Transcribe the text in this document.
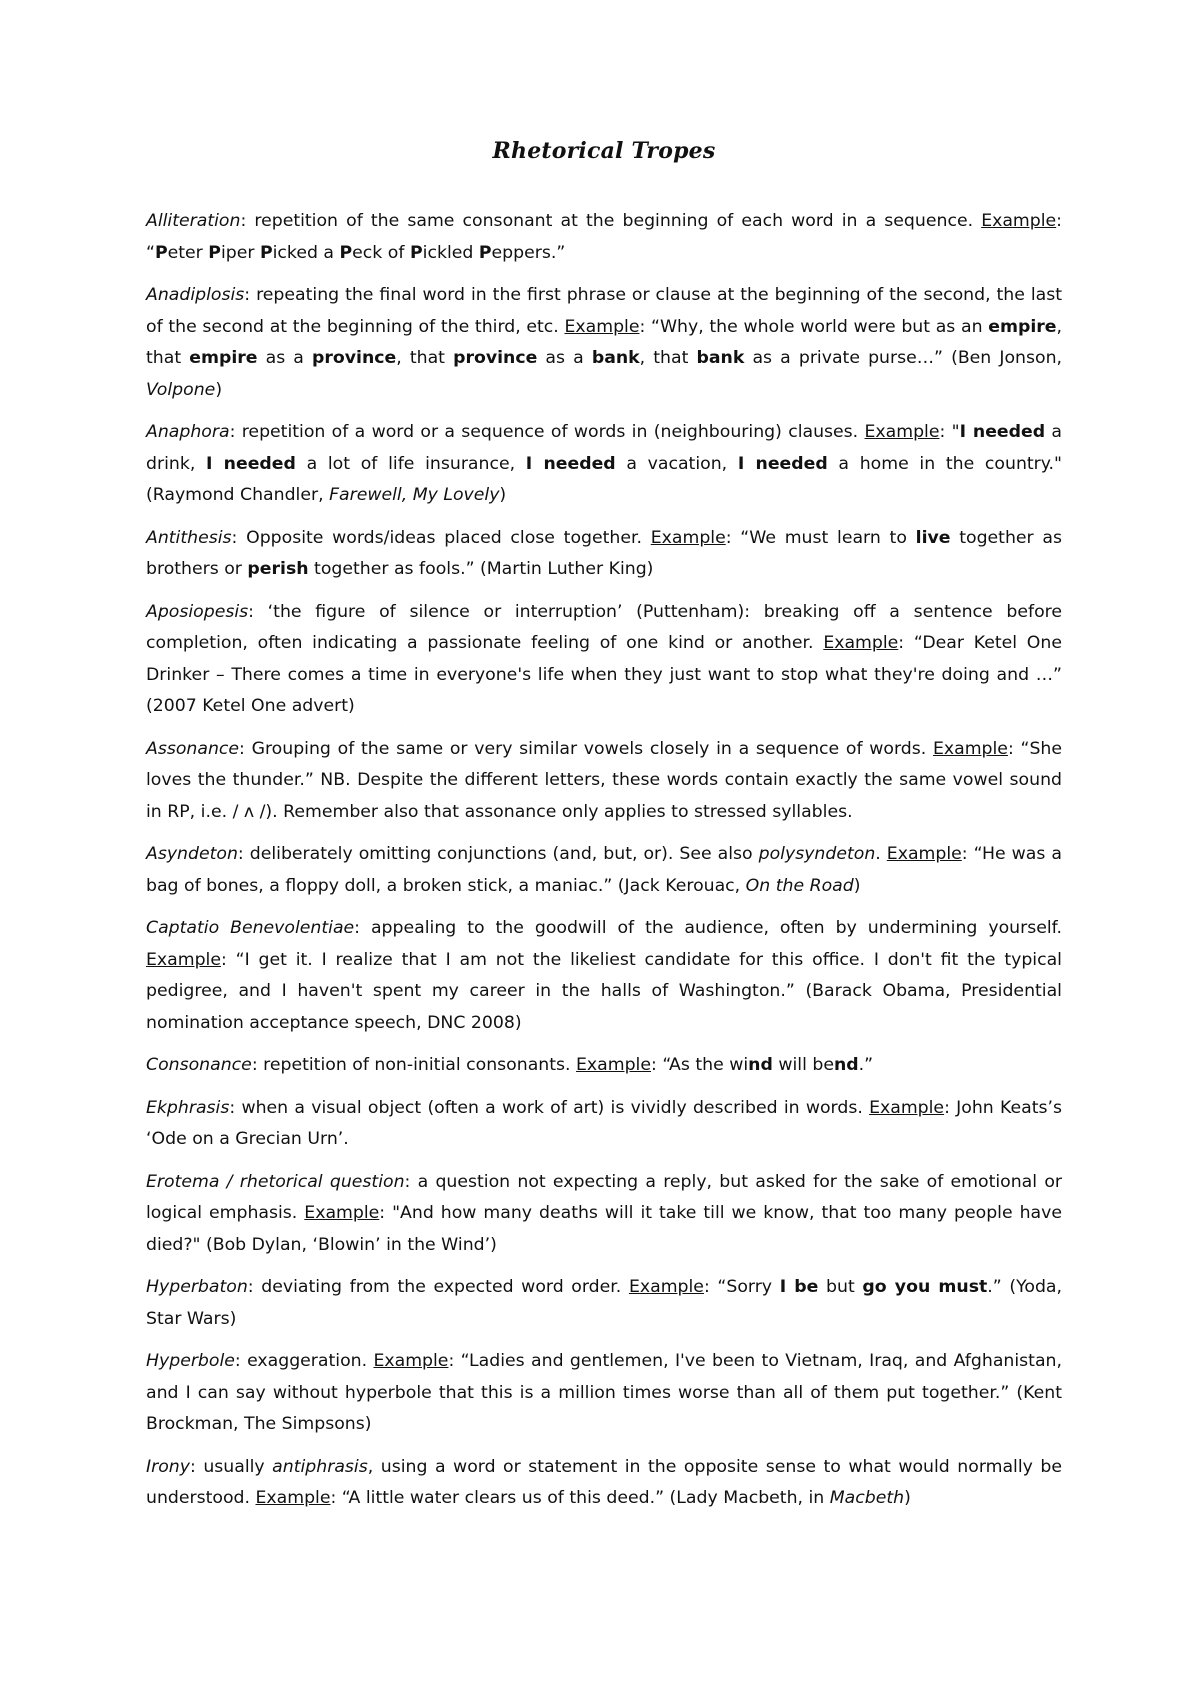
Rhetorical Tropes

Alliteration: repetition of the same consonant at the beginning of each word in a sequence. Example: “Peter Piper Picked a Peck of Pickled Peppers.”

Anadiplosis: repeating the final word in the first phrase or clause at the beginning of the second, the last of the second at the beginning of the third, etc. Example: “Why, the whole world were but as an empire, that empire as a province, that province as a bank, that bank as a private purse…” (Ben Jonson, Volpone)

Anaphora: repetition of a word or a sequence of words in (neighbouring) clauses. Example: "I needed a drink, I needed a lot of life insurance, I needed a vacation, I needed a home in the country." (Raymond Chandler, Farewell, My Lovely)

Antithesis: Opposite words/ideas placed close together. Example: “We must learn to live together as brothers or perish together as fools.” (Martin Luther King)

Aposiopesis: ‘the figure of silence or interruption’ (Puttenham): breaking off a sentence before completion, often indicating a passionate feeling of one kind or another. Example: “Dear Ketel One Drinker – There comes a time in everyone's life when they just want to stop what they're doing and …” (2007 Ketel One advert)

Assonance: Grouping of the same or very similar vowels closely in a sequence of words. Example: “She loves the thunder.” NB. Despite the different letters, these words contain exactly the same vowel sound in RP, i.e. / ʌ /). Remember also that assonance only applies to stressed syllables.

Asyndeton: deliberately omitting conjunctions (and, but, or). See also polysyndeton. Example: “He was a bag of bones, a floppy doll, a broken stick, a maniac.” (Jack Kerouac, On the Road)

Captatio Benevolentiae: appealing to the goodwill of the audience, often by undermining yourself. Example: “I get it. I realize that I am not the likeliest candidate for this office. I don't fit the typical pedigree, and I haven't spent my career in the halls of Washington.” (Barack Obama, Presidential nomination acceptance speech, DNC 2008)

Consonance: repetition of non-initial consonants. Example: “As the wind will bend.”

Ekphrasis: when a visual object (often a work of art) is vividly described in words. Example: John Keats’s ‘Ode on a Grecian Urn’.

Erotema / rhetorical question: a question not expecting a reply, but asked for the sake of emotional or logical emphasis. Example: "And how many deaths will it take till we know, that too many people have died?" (Bob Dylan, ‘Blowin’ in the Wind’)

Hyperbaton: deviating from the expected word order. Example: “Sorry I be but go you must.” (Yoda, Star Wars)

Hyperbole: exaggeration. Example: “Ladies and gentlemen, I've been to Vietnam, Iraq, and Afghanistan, and I can say without hyperbole that this is a million times worse than all of them put together.” (Kent Brockman, The Simpsons)

Irony: usually antiphrasis, using a word or statement in the opposite sense to what would normally be understood. Example: “A little water clears us of this deed.” (Lady Macbeth, in Macbeth)
